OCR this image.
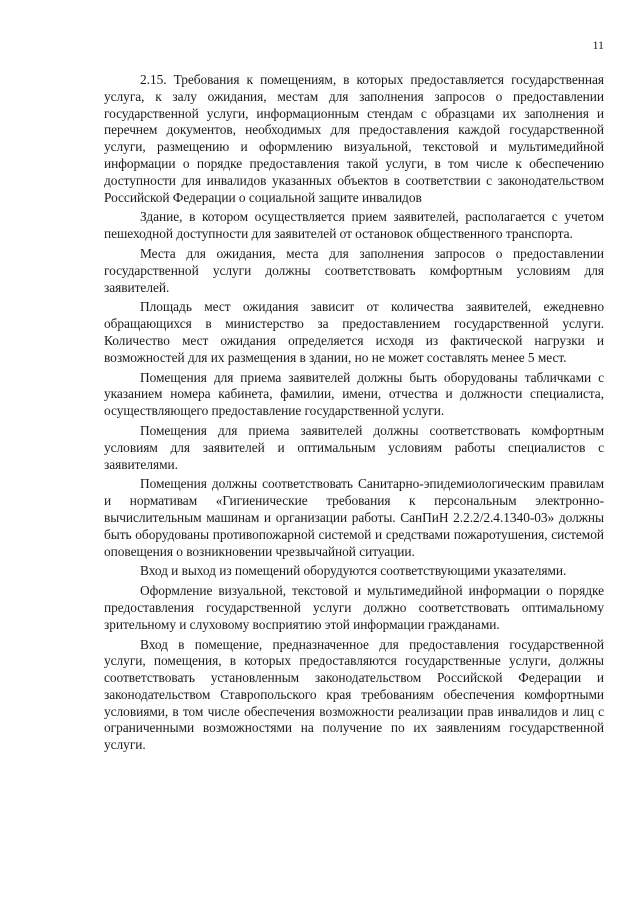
11

2.15. Требования к помещениям, в которых предоставляется государственная услуга, к залу ожидания, местам для заполнения запросов о предоставлении государственной услуги, информационным стендам с образцами их заполнения и перечнем документов, необходимых для предоставления каждой государственной услуги, размещению и оформлению визуальной, текстовой и мультимедийной информации о порядке предоставления такой услуги, в том числе к обеспечению доступности для инвалидов указанных объектов в соответствии с законодательством Российской Федерации о социальной защите инвалидов

Здание, в котором осуществляется прием заявителей, располагается с учетом пешеходной доступности для заявителей от остановок общественного транспорта.

Места для ожидания, места для заполнения запросов о предоставлении государственной услуги должны соответствовать комфортным условиям для заявителей.

Площадь мест ожидания зависит от количества заявителей, ежедневно обращающихся в министерство за предоставлением государственной услуги. Количество мест ожидания определяется исходя из фактической нагрузки и возможностей для их размещения в здании, но не может составлять менее 5 мест.

Помещения для приема заявителей должны быть оборудованы табличками с указанием номера кабинета, фамилии, имени, отчества и должности специалиста, осуществляющего предоставление государственной услуги.

Помещения для приема заявителей должны соответствовать комфортным условиям для заявителей и оптимальным условиям работы специалистов с заявителями.

Помещения должны соответствовать Санитарно-эпидемиологическим правилам и нормативам «Гигиенические требования к персональным электронно-вычислительным машинам и организации работы. СанПиН 2.2.2/2.4.1340-03» должны быть оборудованы противопожарной системой и средствами пожаротушения, системой оповещения о возникновении чрезвычайной ситуации.

Вход и выход из помещений оборудуются соответствующими указателями.

Оформление визуальной, текстовой и мультимедийной информации о порядке предоставления государственной услуги должно соответствовать оптимальному зрительному и слуховому восприятию этой информации гражданами.

Вход в помещение, предназначенное для предоставления государственной услуги, помещения, в которых предоставляются государственные услуги, должны соответствовать установленным законодательством Российской Федерации и законодательством Ставропольского края требованиям обеспечения комфортными условиями, в том числе обеспечения возможности реализации прав инвалидов и лиц с ограниченными возможностями на получение по их заявлениям государственной услуги.
